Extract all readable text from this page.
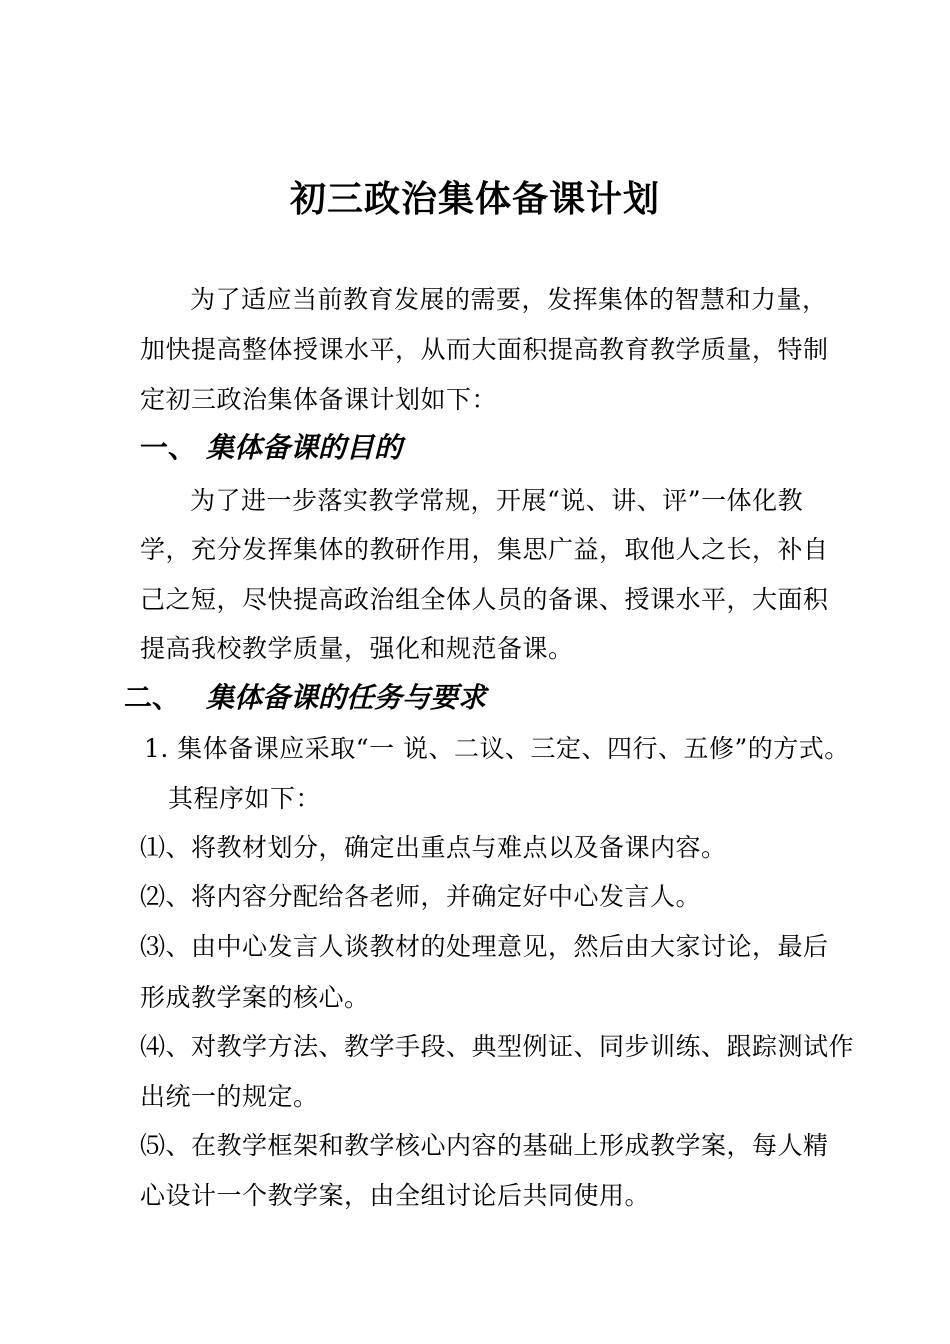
初三政治集体备课计划
为了适应当前教育发展的需要，发挥集体的智慧和力量，
加快提高整体授课水平，从而大面积提高教育教学质量，特制
定初三政治集体备课计划如下：
一、 集体备课的目的
为了进一步落实教学常规，开展“说、讲、评”一体化教
学，充分发挥集体的教研作用，集思广益，取他人之长，补自
己之短，尽快提高政治组全体人员的备课、授课水平，大面积
提高我校教学质量，强化和规范备课。
二、 集体备课的任务与要求
1. 集体备课应采取“一 说、二议、三定、四行、五修”的方式。
其程序如下：
⑴、将教材划分，确定出重点与难点以及备课内容。
⑵、将内容分配给各老师，并确定好中心发言人。
⑶、由中心发言人谈教材的处理意见，然后由大家讨论，最后
形成教学案的核心。
⑷、对教学方法、教学手段、典型例证、同步训练、跟踪测试作
出统一的规定。
⑸、在教学框架和教学核心内容的基础上形成教学案，每人精
心设计一个教学案，由全组讨论后共同使用。
